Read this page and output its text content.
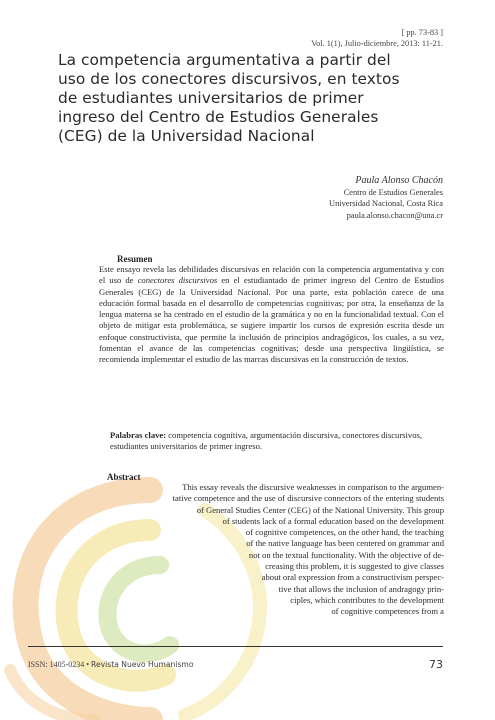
[ pp. 73-83 ]
Vol. 1(1), Julio-diciembre, 2013: 11-21.
La competencia argumentativa a partir del
uso de los conectores discursivos, en textos
de estudiantes universitarios de primer
ingreso del Centro de Estudios Generales
(CEG) de la Universidad Nacional
Paula Alonso Chacón
Centro de Estudios Generales
Universidad Nacional, Costa Rica
paula.alonso.chacon@una.cr
Resumen

Este ensayo revela las debilidades discursivas en relación con la competencia argumentativa y con el uso de conectores discursivos en el estudiantado de primer ingreso del Centro de Estudios Generales (CEG) de la Universidad Nacional. Por una parte, esta población carece de una educación formal basada en el desarrollo de competencias cognitivas; por otra, la enseñanza de la lengua materna se ha centrado en el estudio de la gramática y no en la funcionalidad textual. Con el objeto de mitigar esta problemática, se sugiere impartir los cursos de expresión escrita desde un enfoque constructivista, que permite la inclusión de principios andragógicos, los cuales, a su vez, fomentan el avance de las competencias cognitivas; desde una perspectiva lingüística, se recomienda implementar el estudio de las marcas discursivas en la construcción de textos.

Palabras clave: competencia cognitiva, argumentación discursiva, conectores discursivos, estudiantes universitarios de primer ingreso.

Abstract
This essay reveals the discursive weaknesses in comparison to the argumen-
tative competence and the use of discursive connectors of the entering students
of General Studies Center (CEG) of the National University. This group
of students lack of a formal education based on the development
of cognitive competences, on the other hand, the teaching
of the native language has been centered on grammar and
not on the textual functionality. With the objective of de-
creasing this problem, it is suggested to give classes
about oral expression from a constructivism perspec-
tive that allows the inclusion of andragogy prin-
ciples, which contributes to the development
of cognitive competences from a
ISSN: 1405-0234 • Revista Nuevo Humanismo	73
